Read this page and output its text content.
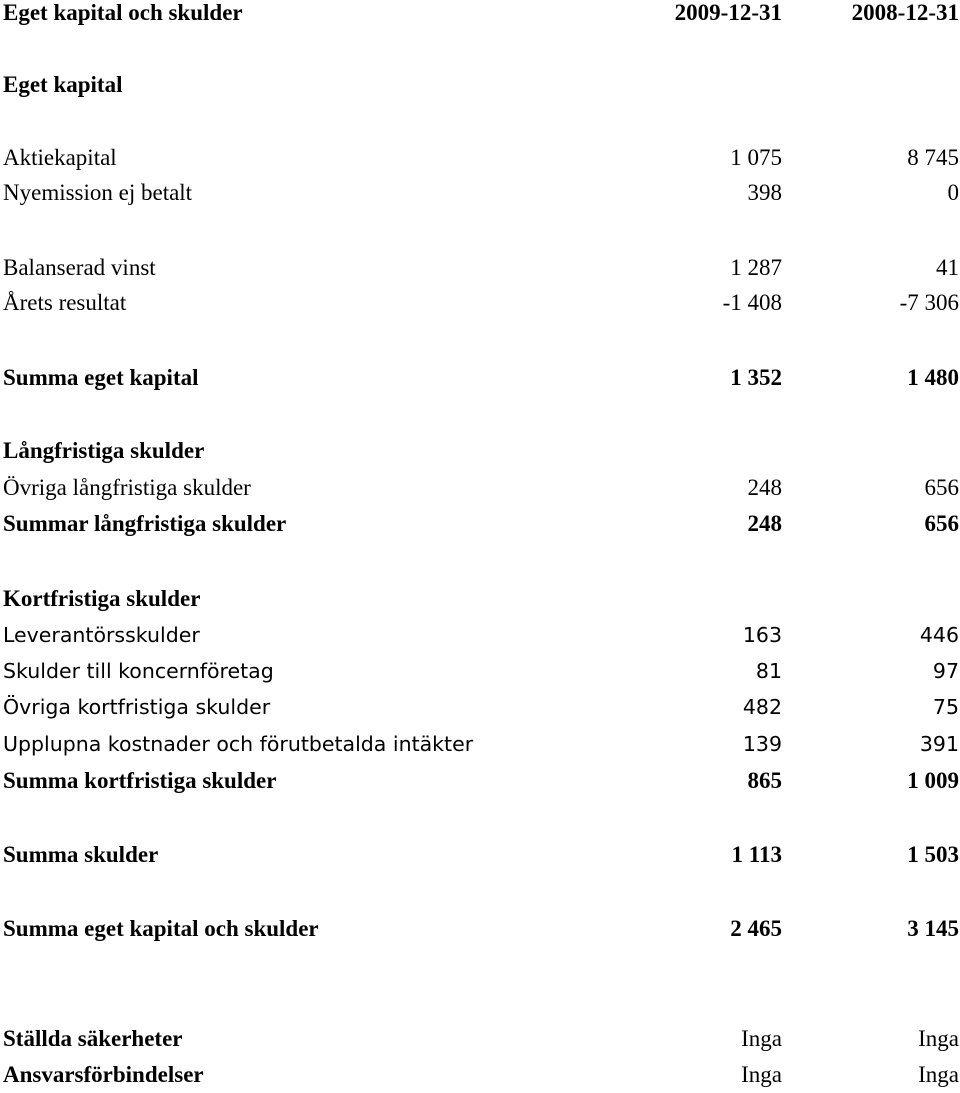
Eget kapital och skulder	2009-12-31	2008-12-31
Eget kapital
Aktiekapital	1 075	8 745
Nyemission ej betalt	398	0
Balanserad vinst	1 287	41
Årets resultat	-1 408	-7 306
Summa eget kapital	1 352	1 480
Långfristiga skulder
Övriga långfristiga skulder	248	656
Summar långfristiga skulder	248	656
Kortfristiga skulder
Leverantörsskulder	163	446
Skulder till koncernföretag	81	97
Övriga kortfristiga skulder	482	75
Upplupna kostnader och förutbetalda intäkter	139	391
Summa kortfristiga skulder	865	1 009
Summa skulder	1 113	1 503
Summa eget kapital och skulder	2 465	3 145
Ställda säkerheter	Inga	Inga
Ansvarsförbindelser	Inga	Inga
